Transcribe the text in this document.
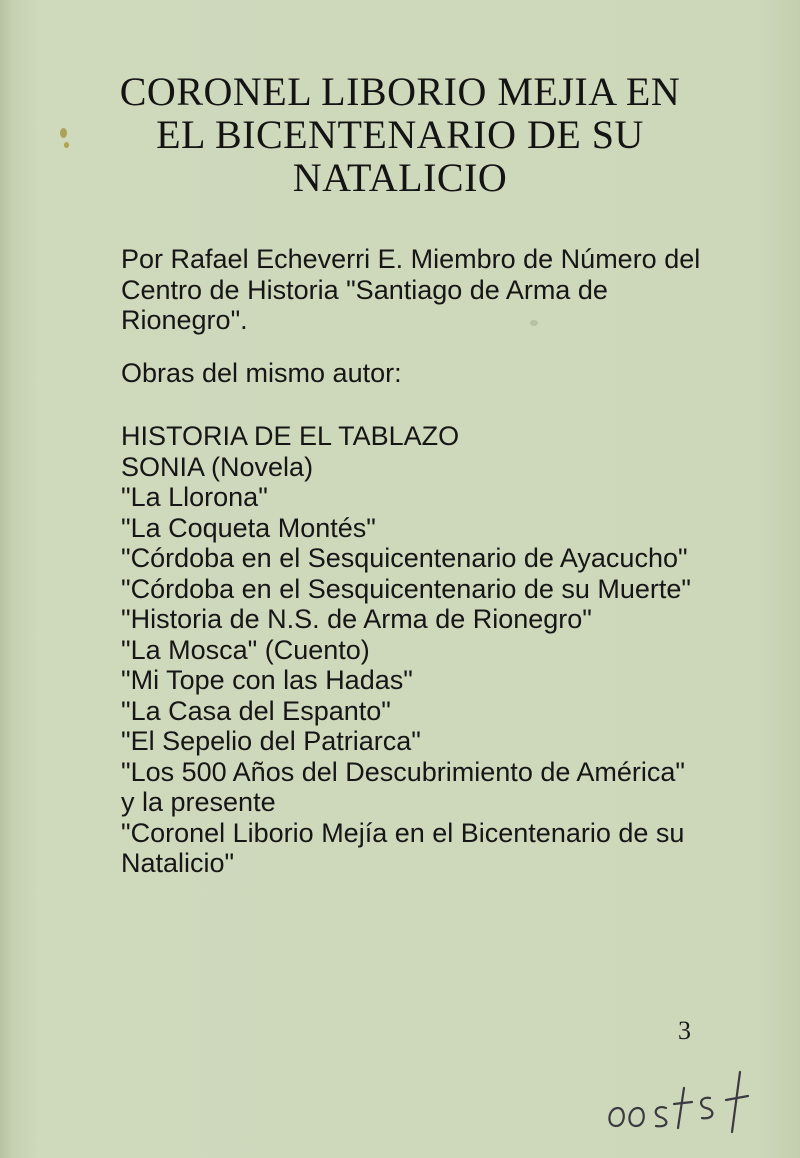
CORONEL LIBORIO MEJIA EN
EL BICENTENARIO DE SU
NATALICIO
Por Rafael Echeverri E. Miembro de Número del
Centro de Historia "Santiago de Arma de
Rionegro".
Obras del mismo autor:
HISTORIA DE EL TABLAZO
SONIA (Novela)
"La Llorona"
"La Coqueta Montés"
"Córdoba en el Sesquicentenario de Ayacucho"
"Córdoba en el Sesquicentenario de su Muerte"
"Historia de N.S. de Arma de Rionegro"
"La Mosca" (Cuento)
"Mi Tope con las Hadas"
"La Casa del Espanto"
"El Sepelio del Patriarca"
"Los 500 Años del Descubrimiento de América"
y la presente
"Coronel Liborio Mejía en el Bicentenario de su
Natalicio"
3
